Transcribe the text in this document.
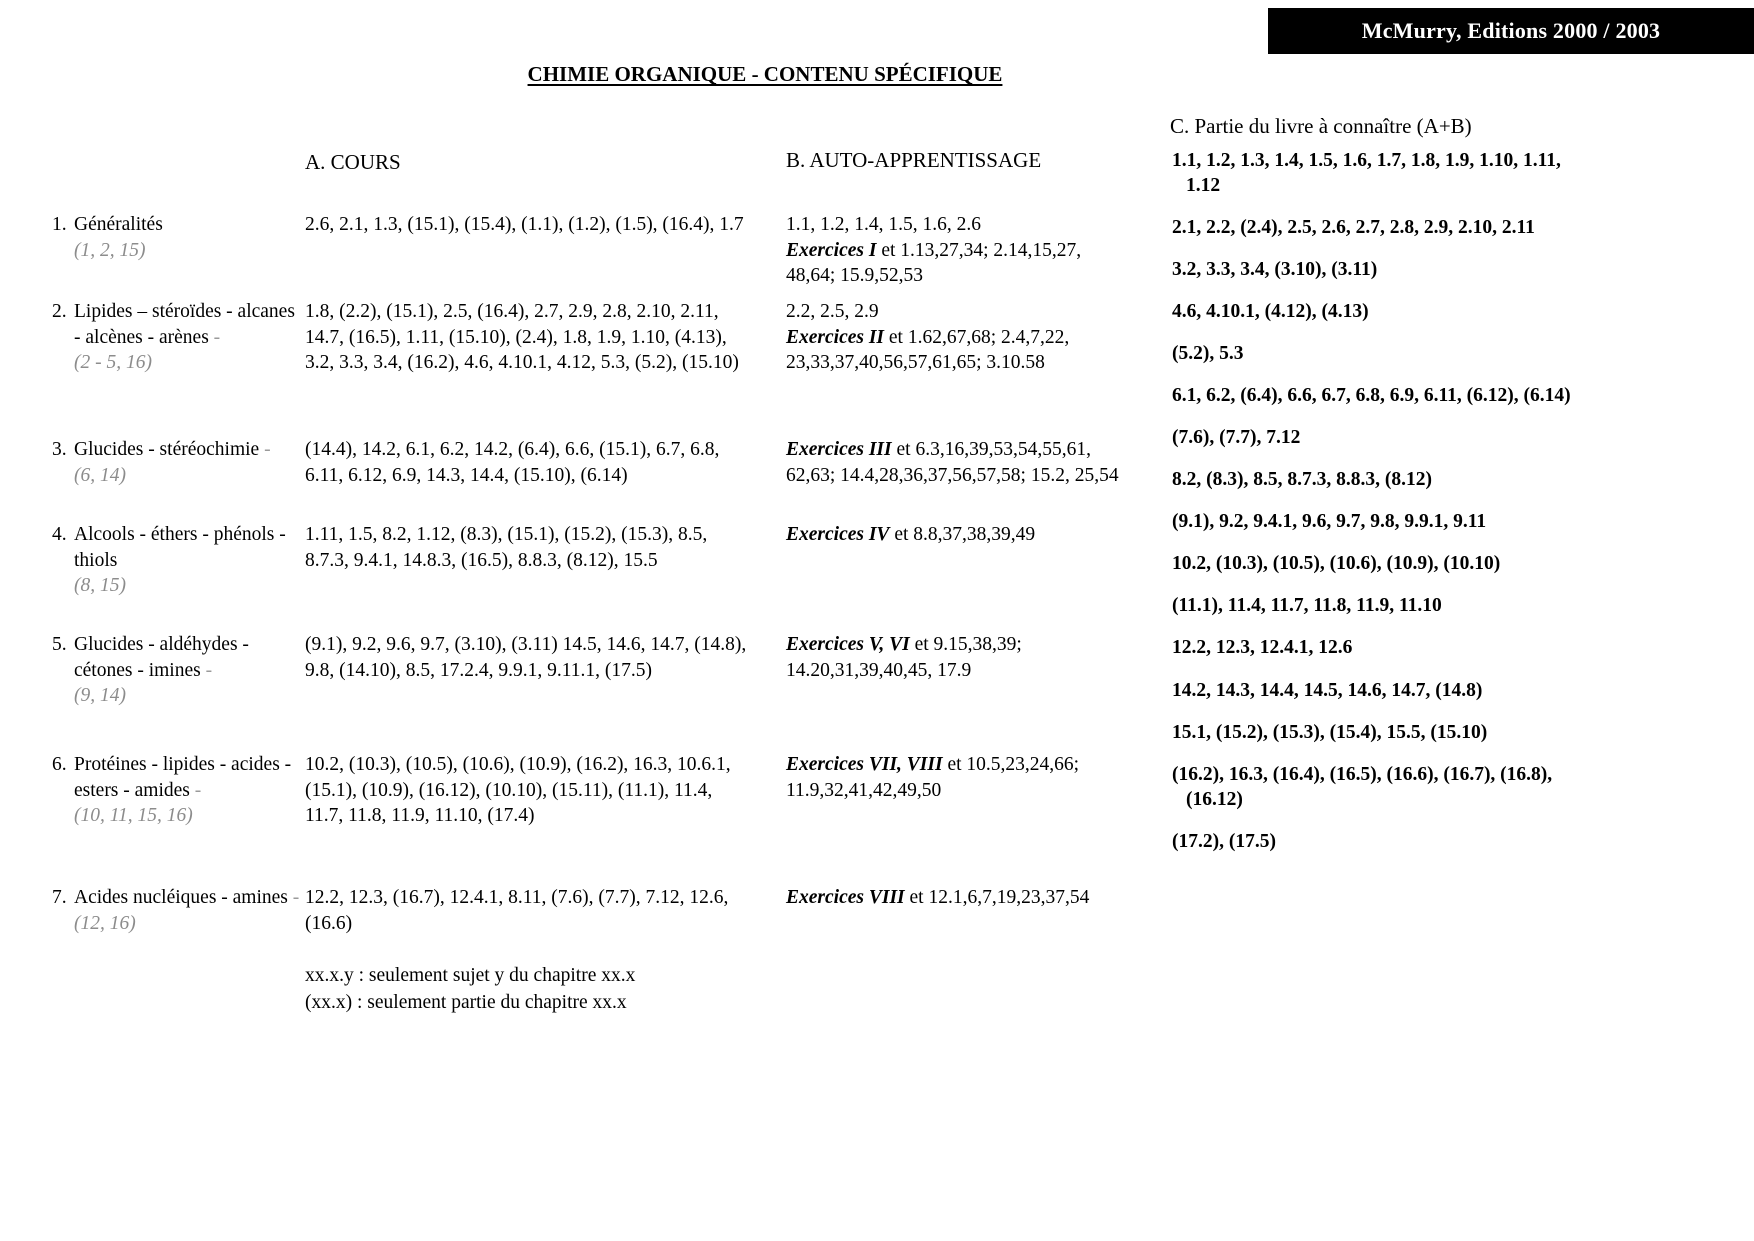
McMurry, Editions 2000 / 2003
CHIMIE ORGANIQUE - CONTENU SPÉCIFIQUE
A. COURS	B. AUTO-APPRENTISSAGE
C. Partie du livre à connaître (A+B)
1. Généralités
(1, 2, 15)
2.6, 2.1, 1.3, (15.1), (15.4), (1.1), (1.2), (1.5), (16.4), 1.7	1.1, 1.2, 1.4, 1.5, 1.6, 2.6
Exercices I et 1.13,27,34; 2.14,15,27, 48,64; 15.9,52,53
2. Lipides – stéroïdes - alcanes - alcènes - arènes -
(2 - 5, 16)
1.8, (2.2), (15.1), 2.5, (16.4), 2.7, 2.9, 2.8, 2.10, 2.11, 14.7, (16.5), 1.11, (15.10), (2.4), 1.8, 1.9, 1.10, (4.13), 3.2, 3.3, 3.4, (16.2), 4.6, 4.10.1, 4.12, 5.3, (5.2), (15.10)
2.2, 2.5, 2.9
Exercices II et 1.62,67,68; 2.4,7,22, 23,33,37,40,56,57,61,65; 3.10.58
3. Glucides - stéréochimie -
(6, 14)
(14.4), 14.2, 6.1, 6.2, 14.2, (6.4), 6.6, (15.1), 6.7, 6.8, 6.11, 6.12, 6.9, 14.3, 14.4, (15.10), (6.14)
Exercices III et 6.3,16,39,53,54,55,61, 62,63; 14.4,28,36,37,56,57,58; 15.2, 25,54
4. Alcools - éthers - phénols - thiols
(8, 15)
1.11, 1.5, 8.2, 1.12, (8.3), (15.1), (15.2), (15.3), 8.5, 8.7.3, 9.4.1, 14.8.3, (16.5), 8.8.3, (8.12), 15.5
Exercices IV et 8.8,37,38,39,49
5. Glucides - aldéhydes - cétones - imines -
(9, 14)
(9.1), 9.2, 9.6, 9.7, (3.10), (3.11) 14.5, 14.6, 14.7, (14.8), 9.8, (14.10), 8.5, 17.2.4, 9.9.1, 9.11.1, (17.5)
Exercices V, VI et 9.15,38,39; 14.20,31,39,40,45, 17.9
6. Protéines - lipides - acides - esters - amides -
(10, 11, 15, 16)
10.2, (10.3), (10.5), (10.6), (10.9), (16.2), 16.3, 10.6.1, (15.1), (10.9), (16.12), (10.10), (15.11), (11.1), 11.4, 11.7, 11.8, 11.9, 11.10, (17.4)
Exercices VII, VIII et 10.5,23,24,66; 11.9,32,41,42,49,50
7. Acides nucléiques - amines -
(12, 16)
12.2, 12.3, (16.7), 12.4.1, 8.11, (7.6), (7.7), 7.12, 12.6, (16.6)
Exercices VIII et 12.1,6,7,19,23,37,54
1.1, 1.2, 1.3, 1.4, 1.5, 1.6, 1.7, 1.8, 1.9, 1.10, 1.11, 1.12
2.1, 2.2, (2.4), 2.5, 2.6, 2.7, 2.8, 2.9, 2.10, 2.11
3.2, 3.3, 3.4, (3.10), (3.11)
4.6, 4.10.1, (4.12), (4.13)
(5.2), 5.3
6.1, 6.2, (6.4), 6.6, 6.7, 6.8, 6.9, 6.11, (6.12), (6.14)
(7.6), (7.7), 7.12
8.2, (8.3), 8.5, 8.7.3, 8.8.3, (8.12)
(9.1), 9.2, 9.4.1, 9.6, 9.7, 9.8, 9.9.1, 9.11
10.2, (10.3), (10.5), (10.6), (10.9), (10.10)
(11.1), 11.4, 11.7, 11.8, 11.9, 11.10
12.2, 12.3, 12.4.1, 12.6
14.2, 14.3, 14.4, 14.5, 14.6, 14.7, (14.8)
15.1, (15.2), (15.3), (15.4), 15.5, (15.10)
(16.2), 16.3, (16.4), (16.5), (16.6), (16.7), (16.8), (16.12)
(17.2), (17.5)
xx.x.y : seulement sujet y du chapitre xx.x
(xx.x) : seulement partie du chapitre xx.x
